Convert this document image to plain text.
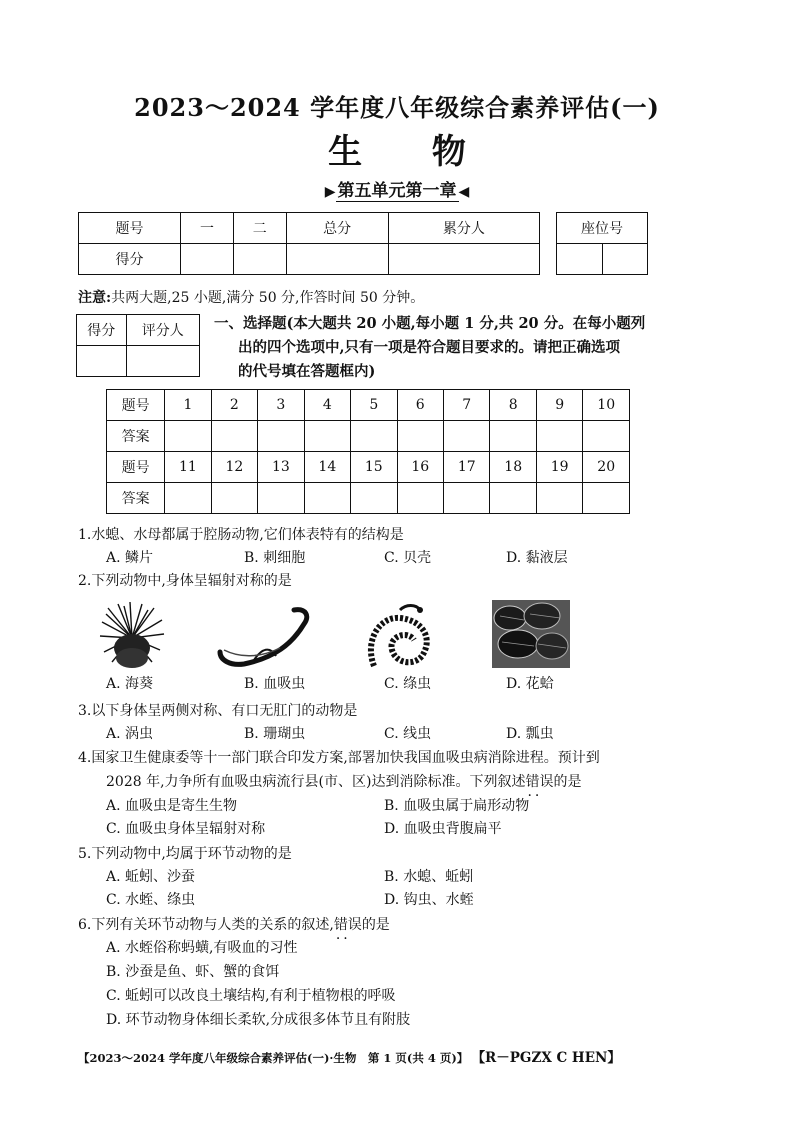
2023～2024 学年度八年级综合素养评估(一)
生 物
▶ 第五单元第一章 ◀
题号	一	二	总分	累分人
得分				
座位号

注意:共两大题,25 小题,满分 50 分,作答时间 50 分钟。
得分	评分人
	一、选择题(本大题共 20 小题,每小题 1 分,共 20 分。在每小题列

出的四个选项中,只有一项是符合题目要求的。请把正确选项

的代号填在答题框内)

题号	1	2	3	4	5	6	7	8	9	10
答案										
题号	11	12	13	14	15	16	17	18	19	20
答案										
1.水螅、水母都属于腔肠动物,它们体表特有的结构是
A. 鳞片	B. 刺细胞	C. 贝壳	D. 黏液层
2.下列动物中,身体呈辐射对称的是
A. 海葵	B. 血吸虫	C. 绦虫	D. 花蛤
3.以下身体呈两侧对称、有口无肛门的动物是
A. 涡虫	B. 珊瑚虫	C. 线虫	D. 瓢虫
4.国家卫生健康委等十一部门联合印发方案,部署加快我国血吸虫病消除进程。预计到
2028 年,力争所有血吸虫病流行县(市、区)达到消除标准。下列叙述错误 ··的是
A. 血吸虫是寄生生物	B. 血吸虫属于扁形动物
C. 血吸虫身体呈辐射对称	D. 血吸虫背腹扁平
5.下列动物中,均属于环节动物的是
A. 蚯蚓、沙蚕	B. 水螅、蚯蚓
C. 水蛭、绦虫	D. 钩虫、水蛭
6.下列有关环节动物与人类的关系的叙述,错误 ··的是
A. 水蛭俗称蚂蟥,有吸血的习性
B. 沙蚕是鱼、虾、蟹的食饵
C. 蚯蚓可以改良土壤结构,有利于植物根的呼吸
D. 环节动物身体细长柔软,分成很多体节且有附肢
【2023～2024 学年度八年级综合素养评估(一)·生物　第 1 页(共 4 页)】 【R－PGZX C HEN】
